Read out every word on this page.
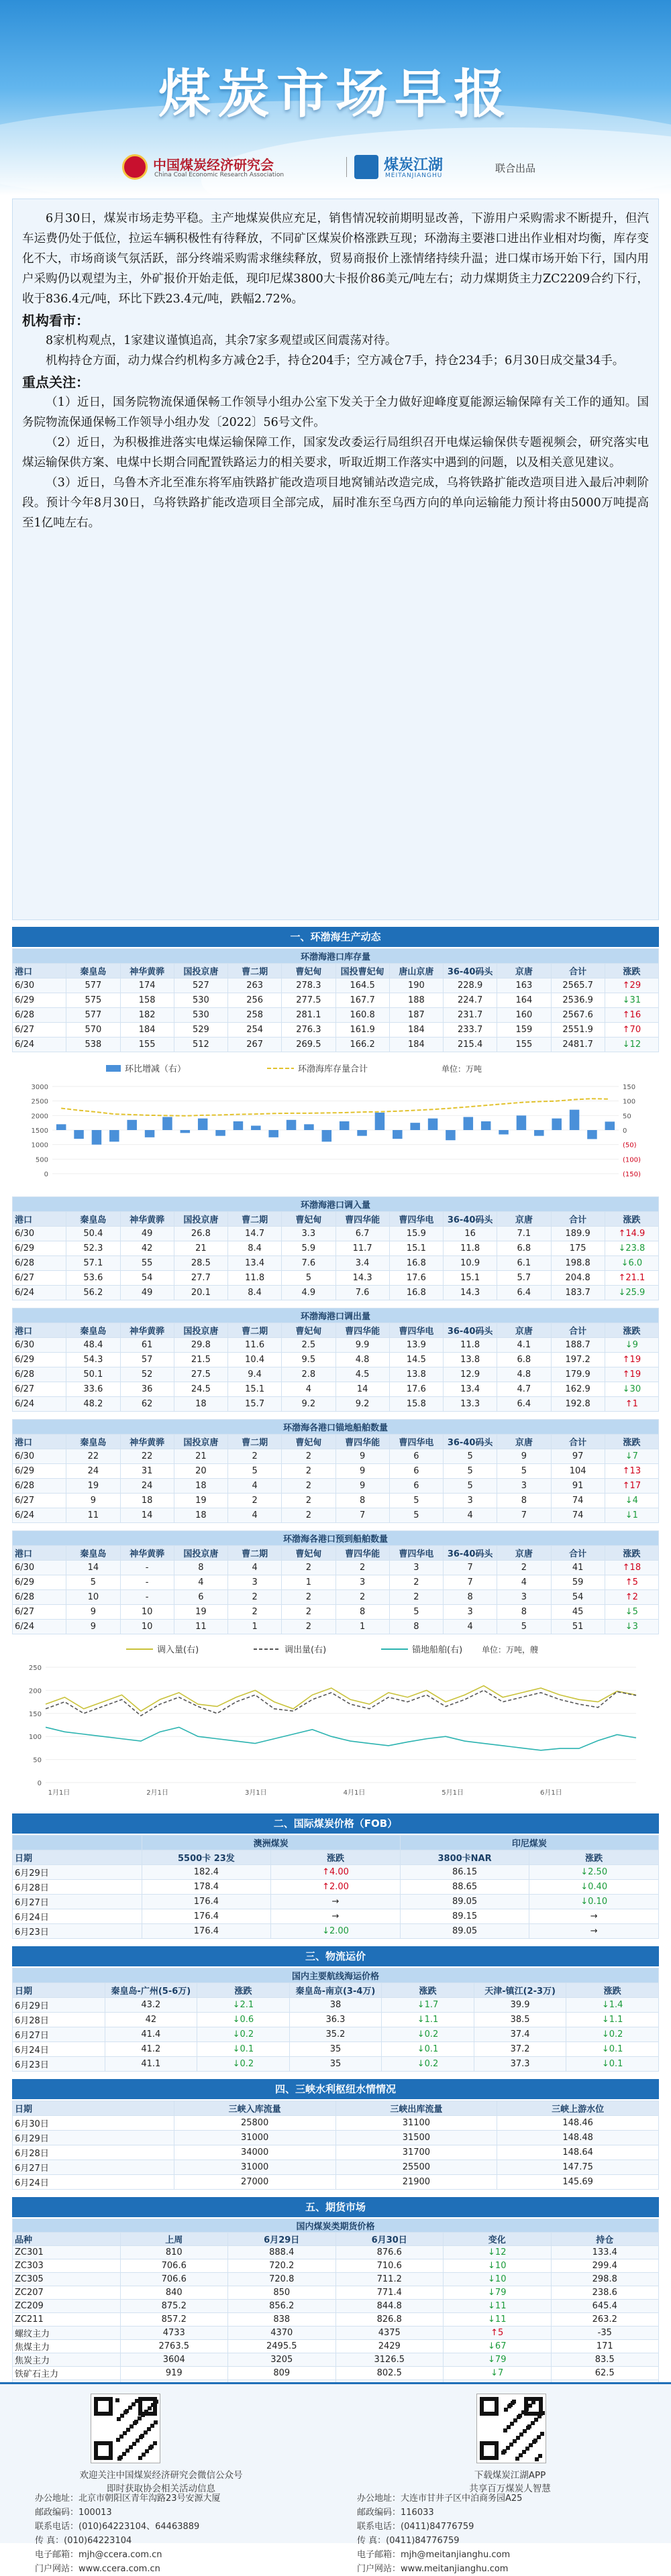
煤炭市场早报
中国煤炭经济研究会
China Coal Economic Research Association
煤炭江湖
MEITANJIANGHU
联合出品

6月30日，煤炭市场走势平稳。主产地煤炭供应充足，销售情况较前期明显改善，下游用户采购需求不断提升，但汽车运费仍处于低位，拉运车辆积极性有待释放，不同矿区煤炭价格涨跌互现；环渤海主要港口进出作业相对均衡，库存变化不大，市场商谈气氛活跃，部分终端采购需求继续释放，贸易商报价上涨情绪持续升温；进口煤市场开始下行，国内用户采购仍以观望为主，外矿报价开始走低，现印尼煤3800大卡报价86美元/吨左右；动力煤期货主力ZC2209合约下行，收于836.4元/吨，环比下跌23.4元/吨，跌幅2.72%。

机构看市：

8家机构观点，1家建议谨慎追高，其余7家多观望或区间震荡对待。

机构持仓方面，动力煤合约机构多方减仓2手，持仓204手；空方减仓7手，持仓234手；6月30日成交量34手。

重点关注：

（1）近日，国务院物流保通保畅工作领导小组办公室下发关于全力做好迎峰度夏能源运输保障有关工作的通知。国务院物流保通保畅工作领导小组办发〔2022〕56号文件。

（2）近日，为积极推进落实电煤运输保障工作，国家发改委运行局组织召开电煤运输保供专题视频会，研究落实电煤运输保供方案、电煤中长期合同配置铁路运力的相关要求，听取近期工作落实中遇到的问题，以及相关意见建议。

（3）近日，乌鲁木齐北至准东将军庙铁路扩能改造项目地窝铺站改造完成，乌将铁路扩能改造项目进入最后冲刺阶段。预计今年8月30日，乌将铁路扩能改造项目全部完成，届时准东至乌西方向的单向运输能力预计将由5000万吨提高至1亿吨左右。

一、环渤海生产动态
环渤海港口库存量											
港口	秦皇岛	神华黄骅	国投京唐	曹二期	曹妃甸	国投曹妃甸	唐山京唐	36-40码头	京唐	合计	涨跌
6/30	577	174	527	263	278.3	164.5	190	228.9	163	2565.7	↑29
6/29	575	158	530	256	277.5	167.7	188	224.7	164	2536.9	↓31
6/28	577	182	530	258	281.1	160.8	187	231.7	160	2567.6	↑16
6/27	570	184	529	254	276.3	161.9	184	233.7	159	2551.9	↑70
6/24	538	155	512	267	269.5	166.2	184	215.4	155	2481.7	↓12
环比增减（右）	环渤海库存量合计	单位：万吨
3000
2500
2000
1500
1000
500
0
150
100
50
0
(50)
(100)
(150)
环渤海港口调入量											
港口	秦皇岛	神华黄骅	国投京唐	曹二期	曹妃甸	曹四华能	曹四华电	36-40码头	京唐	合计	涨跌
6/30	50.4	49	26.8	14.7	3.3	6.7	15.9	16	7.1	189.9	↑14.9
6/29	52.3	42	21	8.4	5.9	11.7	15.1	11.8	6.8	175	↓23.8
6/28	57.1	55	28.5	13.4	7.6	3.4	16.8	10.9	6.1	198.8	↓6.0
6/27	53.6	54	27.7	11.8	5	14.3	17.6	15.1	5.7	204.8	↑21.1
6/24	56.2	49	20.1	8.4	4.9	7.6	16.8	14.3	6.4	183.7	↓25.9
环渤海港口调出量											
港口	秦皇岛	神华黄骅	国投京唐	曹二期	曹妃甸	曹四华能	曹四华电	36-40码头	京唐	合计	涨跌
6/30	48.4	61	29.8	11.6	2.5	9.9	13.9	11.8	4.1	188.7	↓9
6/29	54.3	57	21.5	10.4	9.5	4.8	14.5	13.8	6.8	197.2	↑19
6/28	50.1	52	27.5	9.4	2.8	4.5	13.8	12.9	4.8	179.9	↑19
6/27	33.6	36	24.5	15.1	4	14	17.6	13.4	4.7	162.9	↓30
6/24	48.2	62	18	15.7	9.2	9.2	15.8	13.3	6.4	192.8	↑1
环渤海各港口锚地船舶数量											
港口	秦皇岛	神华黄骅	国投京唐	曹二期	曹妃甸	曹四华能	曹四华电	36-40码头	京唐	合计	涨跌
6/30	22	22	21	2	2	9	6	5	9	97	↓7
6/29	24	31	20	5	2	9	6	5	5	104	↑13
6/28	19	24	18	4	2	9	6	5	3	91	↑17
6/27	9	18	19	2	2	8	5	3	8	74	↓4
6/24	11	14	18	4	2	7	5	4	7	74	↓1
环渤海各港口预到船舶数量											
港口	秦皇岛	神华黄骅	国投京唐	曹二期	曹妃甸	曹四华能	曹四华电	36-40码头	京唐	合计	涨跌
6/30	14	-	8	4	2	2	3	7	2	41	↑18
6/29	5	-	4	3	1	3	2	7	4	59	↑5
6/28	10	-	6	2	2	2	2	8	3	54	↑2
6/27	9	10	19	2	2	8	5	3	8	45	↓5
6/24	9	10	11	1	2	1	8	4	5	51	↓3
调入量(右)	调出量(右)	锚地船舶(右) 单位：万吨，艘
250
200
150
100
50
0
1月1日	2月1日	3月1日	4月1日	5月1日	6月1日
二、国际煤炭价格（FOB）
	澳洲煤炭		印尼煤炭	
日期	5500卡 23发	涨跌	3800卡NAR	涨跌
6月29日	182.4	↑4.00	86.15	↓2.50
6月28日	178.4	↑2.00	88.65	↓0.40
6月27日	176.4	→	89.05	↓0.10
6月24日	176.4	→	89.15	→
6月23日	176.4	↓2.00	89.05	→
三、物流运价
国内主要航线海运价格						
日期	秦皇岛-广州(5-6万)	涨跌	秦皇岛-南京(3-4万)	涨跌	天津-镇江(2-3万)	涨跌
6月29日	43.2	↓2.1	38	↓1.7	39.9	↓1.4
6月28日	42	↓0.6	36.3	↓1.1	38.5	↓1.1
6月27日	41.4	↓0.2	35.2	↓0.2	37.4	↓0.2
6月24日	41.2	↓0.1	35	↓0.1	37.2	↓0.1
6月23日	41.1	↓0.2	35	↓0.2	37.3	↓0.1
四、三峡水利枢纽水情情况
日期	三峡入库流量	三峡出库流量	三峡上游水位
6月30日	25800	31100	148.46
6月29日	31000	31500	148.48
6月28日	34000	31700	148.64
6月27日	31000	25500	147.75
6月24日	27000	21900	145.69
五、期货市场
国内煤炭类期货价格					
品种	上周	6月29日	6月30日	变化	持仓
ZC301	810	888.4	876.6	↓12	133.4
ZC303	706.6	720.2	710.6	↓10	299.4
ZC305	706.6	720.8	711.2	↓10	298.8
ZC207	840	850	771.4	↓79	238.6
ZC209	875.2	856.2	844.8	↓11	645.4
ZC211	857.2	838	826.8	↓11	263.2
螺纹主力	4733	4370	4375	↑5	-35
焦煤主力	2763.5	2495.5	2429	↓67	171
焦炭主力	3604	3205	3126.5	↓79	83.5
铁矿石主力	919	809	802.5	↓7	62.5

欢迎关注中国煤炭经济研究会微信公众号
即时获取协会相关活动信息
下载煤炭江湖APP
共享百万煤炭人智慧
办公地址：北京市朝阳区青年沟路23号安源大厦
邮政编码：100013
联系电话：(010)64223104、64463889
传 真：(010)64223104
电子邮箱：mjh@ccera.com.cn
门户网站：www.ccera.com.cn
办公地址：大连市甘井子区中泊商务园A25
邮政编码：116033
联系电话：(0411)84776759
传 真：(0411)84776759
电子邮箱：mjh@meitanjianghu.com
门户网站：www.meitanjianghu.com
